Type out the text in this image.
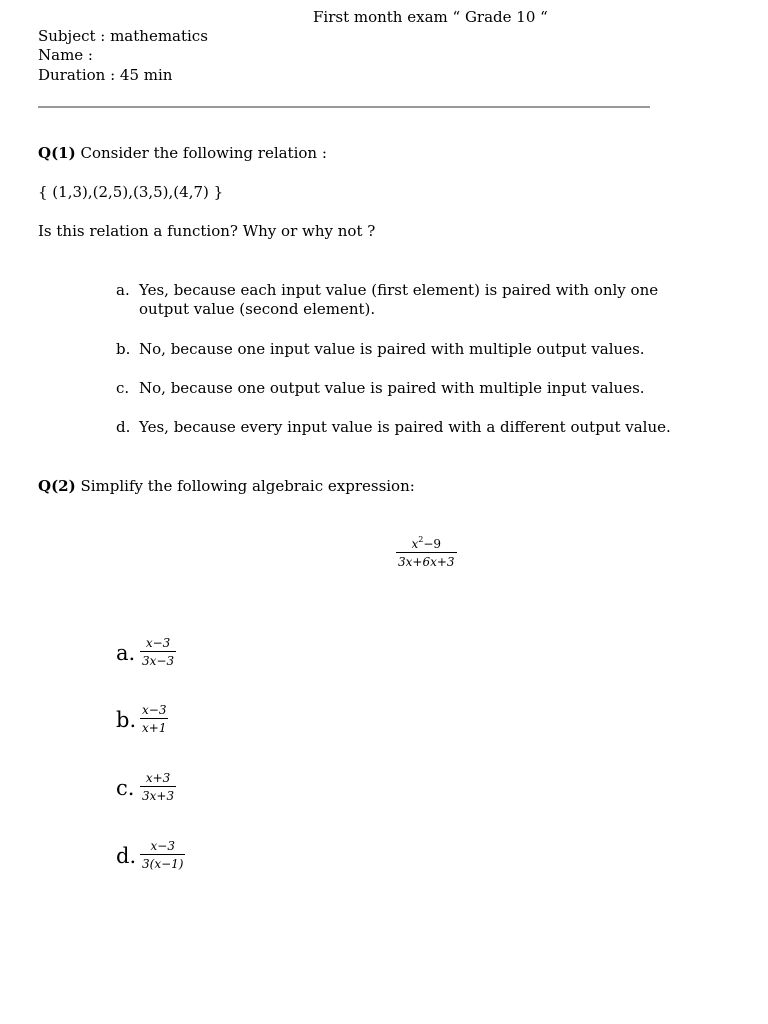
First month exam “ Grade 10 “
Subject : mathematics
Name :
Duration : 45 min
Q(1) Consider the following relation :
{ (1,3),(2,5),(3,5),(4,7) }
Is this relation a function? Why or why not ?
a. Yes, because each input value (first element) is paired with only one output value (second element).
b. No, because one input value is paired with multiple output values.
c. No, because one output value is paired with multiple input values.
d. Yes, because every input value is paired with a different output value.
Q(2) Simplify the following algebraic expression:
$x^2-9$
3x+6x+3
a. x−3
3x−3
b. x−3
x+1
c. x+3
3x+3
d. x−3
3(x−1)
